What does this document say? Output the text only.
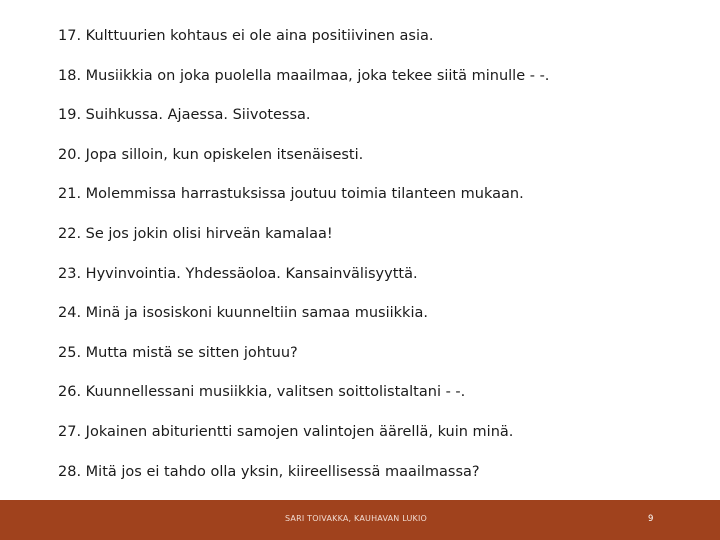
17. Kulttuurien kohtaus ei ole aina positiivinen asia.
18. Musiikkia on joka puolella maailmaa, joka tekee siitä minulle - -.
19. Suihkussa. Ajaessa. Siivotessa.
20. Jopa silloin, kun opiskelen itsenäisesti.
21. Molemmissa harrastuksissa joutuu toimia tilanteen mukaan.
22. Se jos jokin olisi hirveän kamalaa!
23. Hyvinvointia. Yhdessäoloa. Kansainvälisyyttä.
24. Minä ja isosiskoni kuunneltiin samaa musiikkia.
25. Mutta mistä se sitten johtuu?
26. Kuunnellessani musiikkia, valitsen soittolistaltani - -.
27. Jokainen abiturientti samojen valintojen äärellä, kuin minä.
28. Mitä jos ei tahdo olla yksin, kiireellisessä maailmassa?
SARI TOIVAKKA, KAUHAVAN LUKIO	9
